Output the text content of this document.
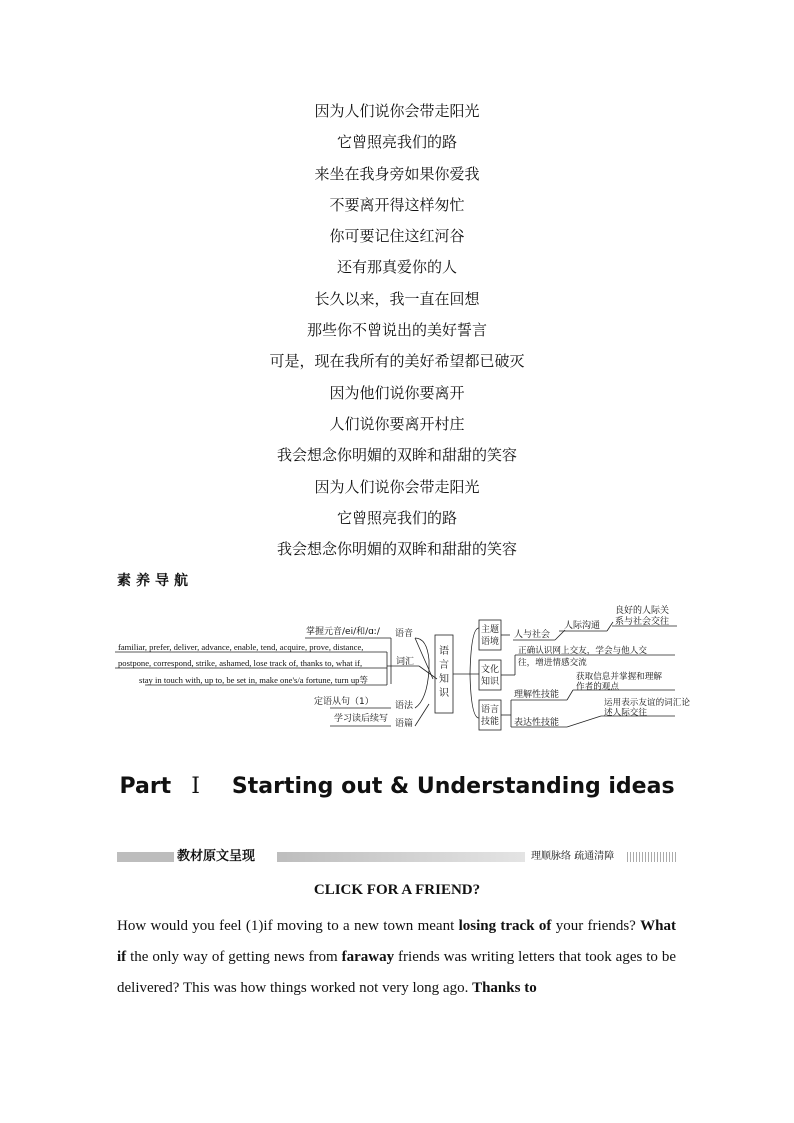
因为人们说你会带走阳光
它曾照亮我们的路
来坐在我身旁如果你爱我
不要离开得这样匆忙
你可要记住这红河谷
还有那真爱你的人
长久以来，我一直在回想
那些你不曾说出的美好誓言
可是，现在我所有的美好希望都已破灭
因为他们说你要离开
人们说你要离开村庄
我会想念你明媚的双眸和甜甜的笑容
因为人们说你会带走阳光
它曾照亮我们的路
我会想念你明媚的双眸和甜甜的笑容
素养导航
掌握元音/ei/和/ɑː/ 语音
familiar, prefer, deliver, advance, enable, tend, acquire, prove, distance,
postpone, correspond, strike, ashamed, lose track of, thanks to, what if,
stay in touch with, up to, be set in, make one's/a fortune, turn up等
词汇
定语从句（1） 语法
学习读后续写 语篇
语
言
知
识
主题
语境
文化
知识
语言
技能
人与社会
人际沟通
良好的人际关
系与社会交往
正确认识网上交友，学会与他人交
往，增进情感交流
理解性技能
获取信息并掌握和理解
作者的观点
表达性技能
运用表示友谊的词汇论
述人际交往
Part Ⅰ Starting out & Understanding ideas
教材原文呈现	理顺脉络 疏通清障
CLICK FOR A FRIEND?
How would you feel (1)if moving to a new town meant losing track of your friends? What if the only way of getting news from faraway friends was writing letters that took ages to be delivered? This was how things worked not very long ago. Thanks to
